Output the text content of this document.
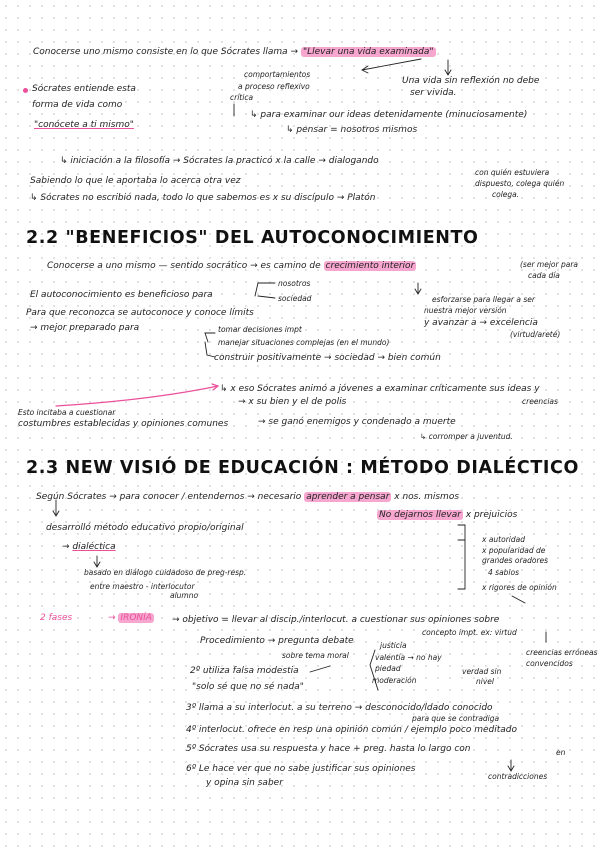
Conocerse uno mismo consiste en lo que Sócrates llama → "Llevar una vida examinada"
comportamientos
a proceso reflexivo
crítica
Una vida sin reflexión no debe
ser vivida.
Sócrates entiende esta
forma de vida como
"conócete a ti mismo"
↳ para examinar our ideas detenidamente (minuciosamente)
↳ pensar = nosotros mismos
↳ iniciación a la filosofía → Sócrates la practicó x la calle → dialogando
con quién estuviera
dispuesto, colega quién
colega.
Sabiendo lo que le aportaba lo acerca otra vez
↳ Sócrates no escribió nada, todo lo que sabemos es x su discípulo → Platón
2.2 "BENEFICIOS" DEL AUTOCONOCIMIENTO
Conocerse a uno mismo — sentido socrático → es camino de crecimiento interior	(ser mejor para
cada día
El autoconocimiento es beneficioso para
nosotros
sociedad
Para que reconozca se autoconoce y conoce límits
→ mejor preparado para	tomar decisiones impt
manejar situaciones complejas (en el mundo)
construir positivamente → sociedad → bien común
esforzarse para llegar a ser
nuestra mejor versión
y avanzar a → excelencia
(virtud/areté)
↳ x eso Sócrates animó a jóvenes a examinar críticamente sus ideas y
creencias
→ x su bien y el de polis
Esto incitaba a cuestionar
costumbres establecidas y opiniones comunes	→ se ganó enemigos y condenado a muerte
↳ corromper a juventud.
2.3 NEW VISIÓ DE EDUCACIÓN : MÉTODO DIALÉCTICO
Según Sócrates → para conocer / entendernos → necesario aprender a pensar x nos. mismos
No dejarnos llevar x prejuicios
desarrolló método educativo propio/original
→ dialéctica
basado en diálogo cuidadoso de preg-resp.
entre maestro - interlocutor
alumno
x autoridad
x popularidad de
grandes oradores
4 sabios
x rigores de opinión
2 fases	→ IRONÍA → objetivo = llevar al discip./interlocut. a cuestionar sus opiniones sobre
concepto impt. ex: virtud
creencias erróneas
convencidos
Procedimiento → pregunta debate
sobre tema moral
justicia
valentía → no hay
piedad	verdad sin
nivel
moderación
2º utiliza falsa modestia
"solo sé que no sé nada"
3º llama a su interlocut. a su terreno → desconocido/ldado conocido
para que se contradiga
4º interlocut. ofrece en resp una opinión común / ejemplo poco meditado
5º Sócrates usa su respuesta y hace + preg. hasta lo largo con	en
6º Le hace ver que no sabe justificar sus opiniones
y opina sin saber
contradicciones
